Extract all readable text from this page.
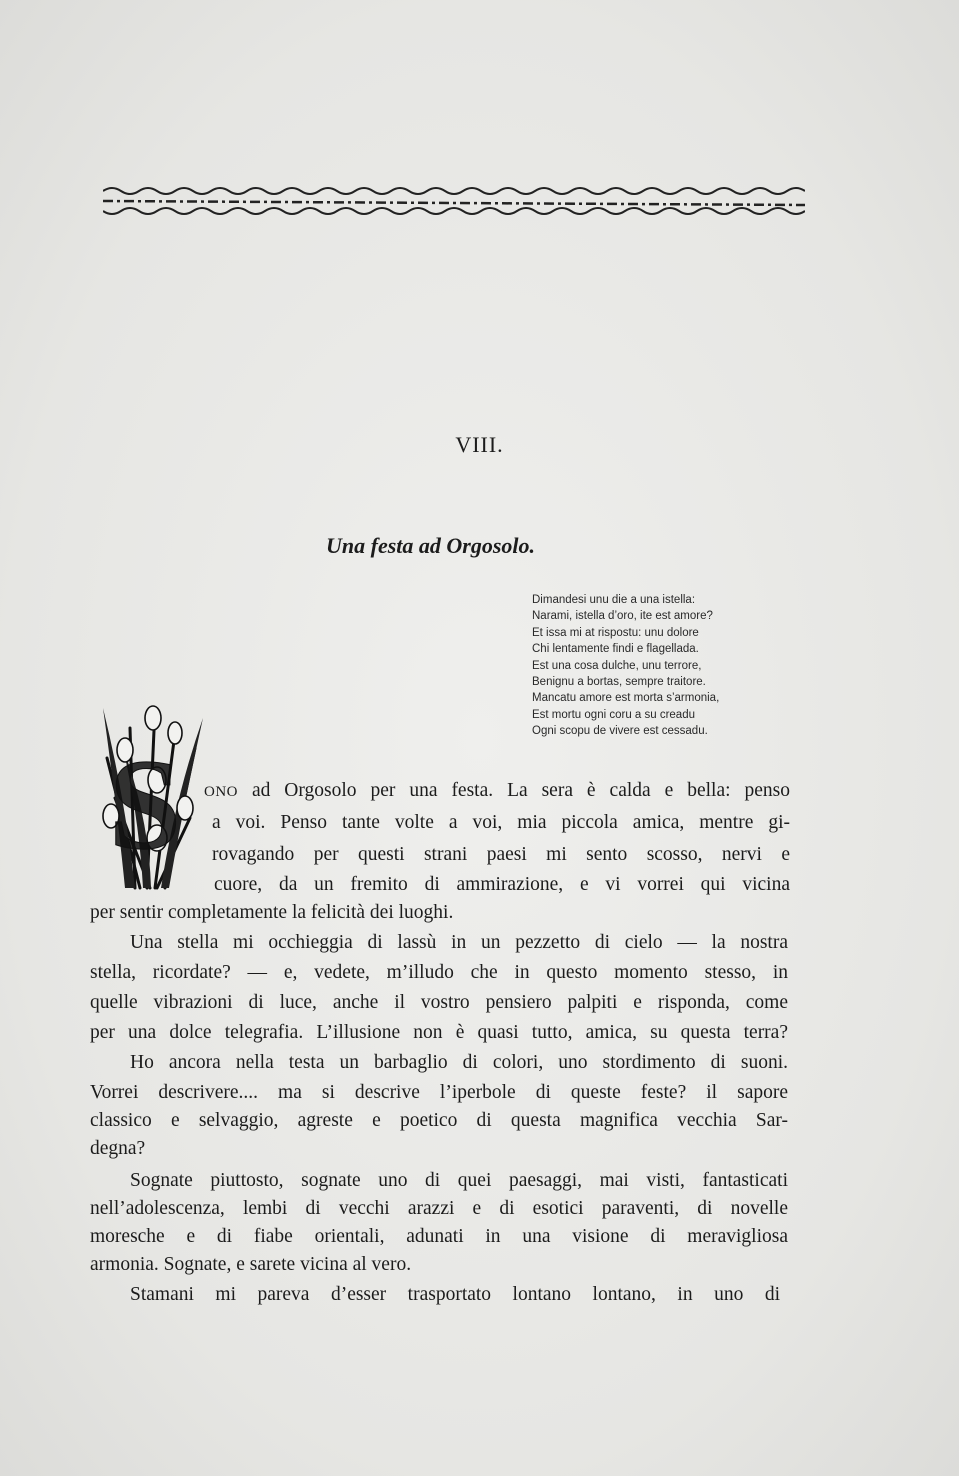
VIII.
Una festa ad Orgosolo.
Dimandesi unu die a una istella:
Narami, istella d’oro, ite est amore?
Et issa mi at rispostu: unu dolore
Chi lentamente findi e flagellada.
Est una cosa dulche, unu terrore,
Benignu a bortas, sempre traitore.
Mancatu amore est morta s’armonia,
Est mortu ogni coru a su creadu
Ogni scopu de vivere est cessadu.
S ONO ad Orgosolo per una festa. La sera è calda e bella: penso
a voi. Penso tante volte a voi, mia piccola amica, mentre gi-
rovagando per questi strani paesi mi sento scosso, nervi e
cuore, da un fremito di ammirazione, e vi vorrei qui vicina
per sentir completamente la felicità dei luoghi.
Una stella mi occhieggia di lassù in un pezzetto di cielo — la nostra
stella, ricordate? — e, vedete, m’illudo che in questo momento stesso, in
quelle vibrazioni di luce, anche il vostro pensiero palpiti e risponda, come
per una dolce telegrafia. L’illusione non è quasi tutto, amica, su questa terra?
Ho ancora nella testa un barbaglio di colori, uno stordimento di suoni.
Vorrei descrivere.... ma si descrive l’iperbole di queste feste? il sapore
classico e selvaggio, agreste e poetico di questa magnifica vecchia Sar-
degna?
Sognate piuttosto, sognate uno di quei paesaggi, mai visti, fantasticati
nell’adolescenza, lembi di vecchi arazzi e di esotici paraventi, di novelle
moresche e di fiabe orientali, adunati in una visione di meravigliosa
armonia. Sognate, e sarete vicina al vero.
Stamani mi pareva d’esser trasportato lontano lontano, in uno di
